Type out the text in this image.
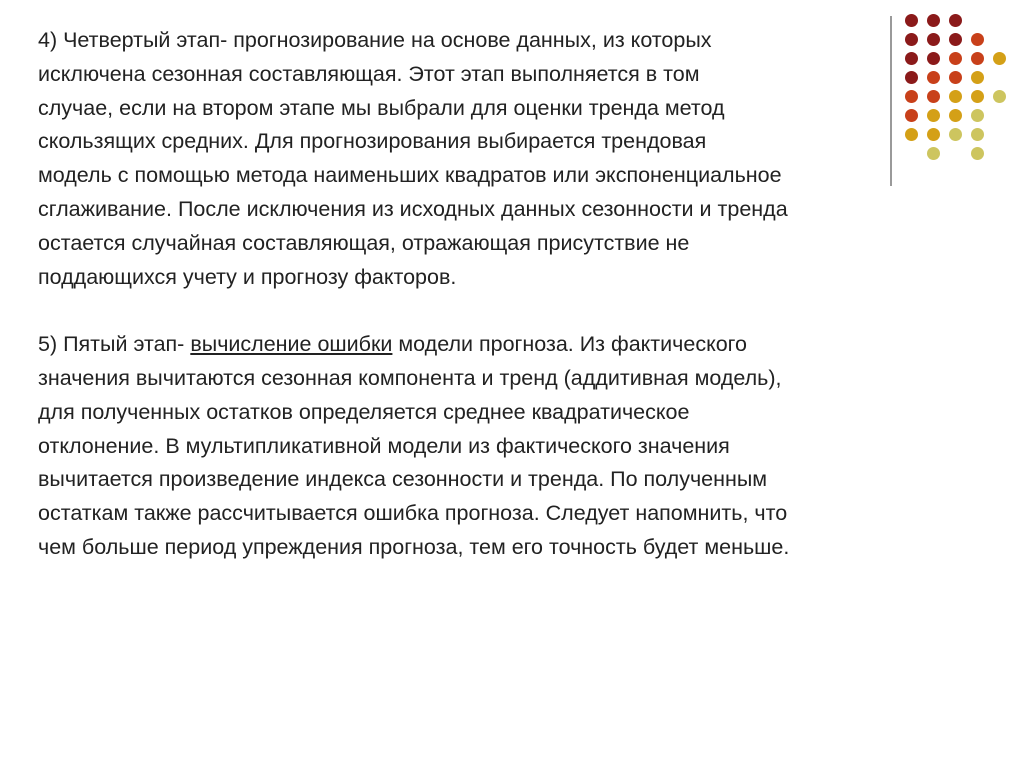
4) Четвертый этап- прогнозирование на основе данных, из которых
исключена сезонная составляющая. Этот этап выполняется в том
случае, если на втором этапе мы выбрали для оценки тренда метод
скользящих средних. Для прогнозирования выбирается трендовая
модель с помощью метода наименьших квадратов или экспоненциальное
сглаживание. После исключения из исходных данных сезонности и тренда
остается случайная составляющая, отражающая присутствие не
поддающихся учету и прогнозу факторов.
5) Пятый этап- вычисление ошибки модели прогноза. Из фактического
значения вычитаются сезонная компонента и тренд (аддитивная модель),
для полученных остатков определяется среднее квадратическое
отклонение. В мультипликативной модели из фактического значения
вычитается произведение индекса сезонности и тренда. По полученным
остаткам также рассчитывается ошибка прогноза. Следует напомнить, что
чем больше период упреждения прогноза, тем его точность будет меньше.
